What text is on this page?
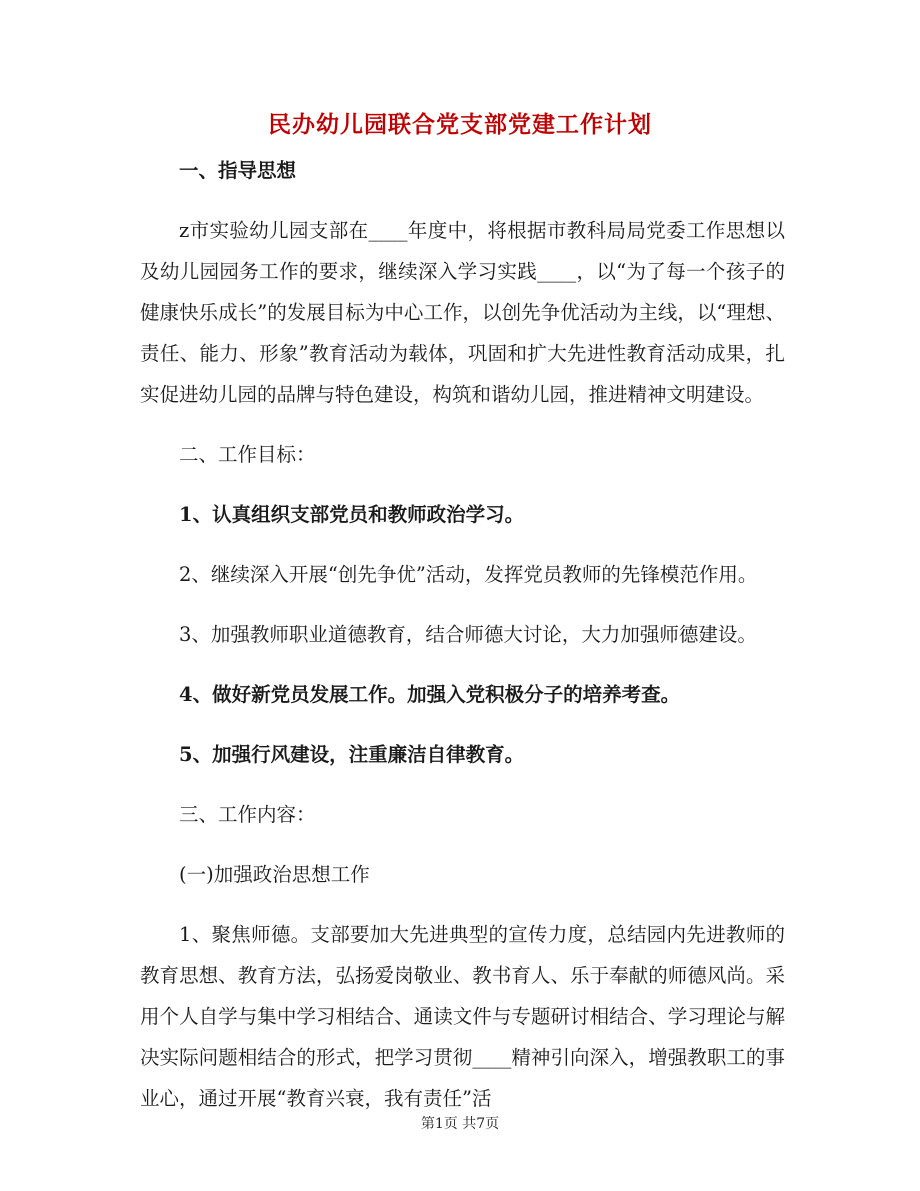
民办幼儿园联合党支部党建工作计划

一、指导思想

z市实验幼儿园支部在____年度中，将根据市教科局局党委工作思想以及幼儿园园务工作的要求，继续深入学习实践____，以“为了每一个孩子的健康快乐成长”的发展目标为中心工作，以创先争优活动为主线，以“理想、责任、能力、形象”教育活动为载体，巩固和扩大先进性教育活动成果，扎实促进幼儿园的品牌与特色建设，构筑和谐幼儿园，推进精神文明建设。

二、工作目标：

1、认真组织支部党员和教师政治学习。

2、继续深入开展“创先争优”活动，发挥党员教师的先锋模范作用。

3、加强教师职业道德教育，结合师德大讨论，大力加强师德建设。

4、做好新党员发展工作。加强入党积极分子的培养考查。

5、加强行风建设，注重廉洁自律教育。

三、工作内容：

(一)加强政治思想工作

1、聚焦师德。支部要加大先进典型的宣传力度，总结园内先进教师的教育思想、教育方法，弘扬爱岗敬业、教书育人、乐于奉献的师德风尚。采用个人自学与集中学习相结合、通读文件与专题研讨相结合、学习理论与解决实际问题相结合的形式，把学习贯彻____精神引向深入，增强教职工的事业心，通过开展“教育兴衰，我有责任”活

第1页 共7页
